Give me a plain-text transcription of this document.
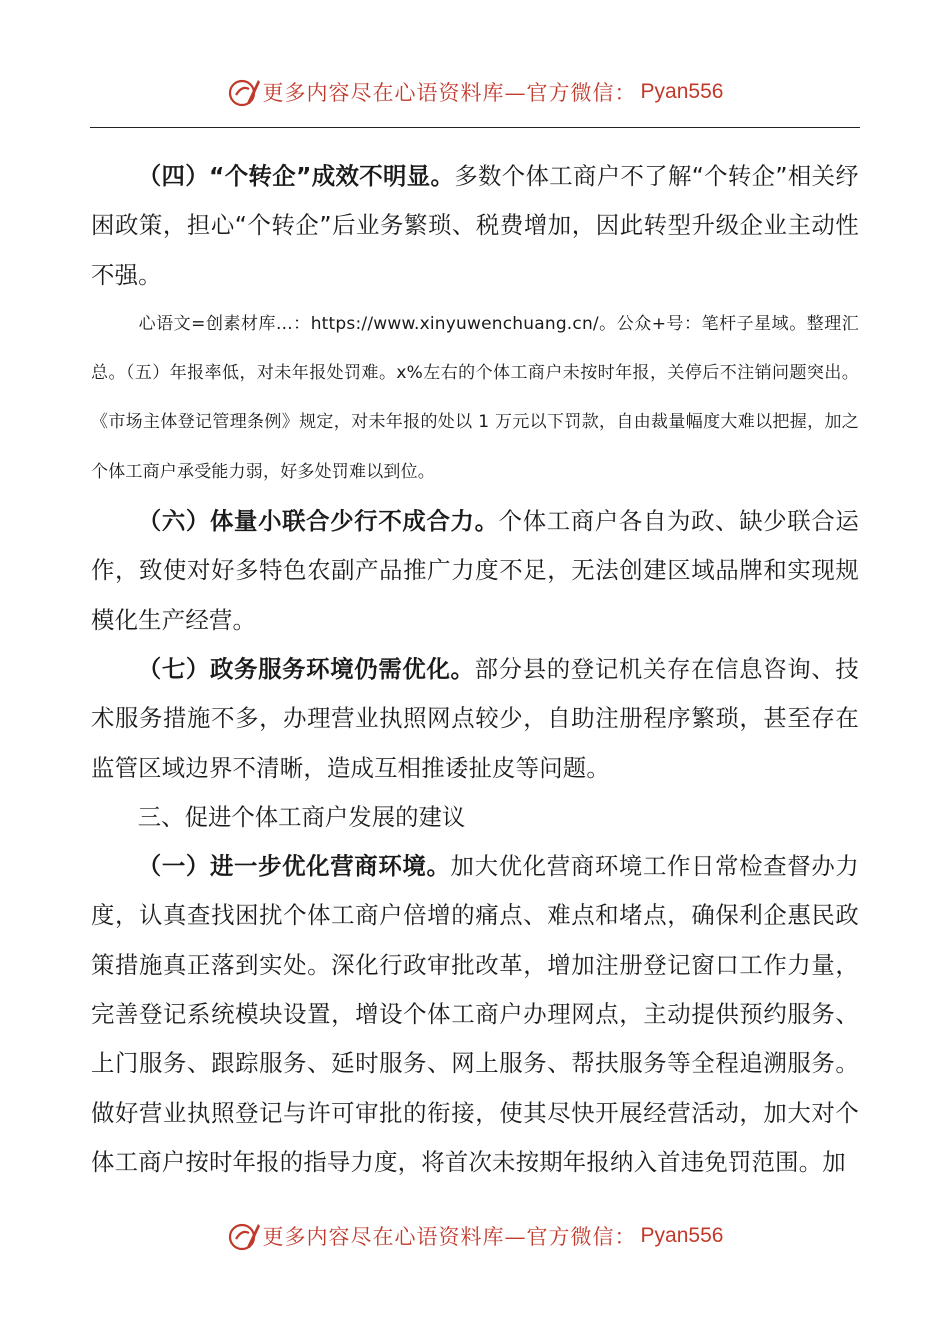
更多内容尽在心语资料库—官方微信： Pyan556

（四）“个转企”成效不明显。多数个体工商户不了解“个转企”相关纾困政策，担心“个转企”后业务繁琐、税费增加，因此转型升级企业主动性不强。

心语文=创素材库...：https://www.xinyuwenchuang.cn/。公众+号：笔杆子星域。整理汇总。（五）年报率低，对未年报处罚难。x%左右的个体工商户未按时年报，关停后不注销问题突出。《市场主体登记管理条例》规定，对未年报的处以 1 万元以下罚款，自由裁量幅度大难以把握，加之个体工商户承受能力弱，好多处罚难以到位。

（六）体量小联合少行不成合力。个体工商户各自为政、缺少联合运作，致使对好多特色农副产品推广力度不足，无法创建区域品牌和实现规模化生产经营。

（七）政务服务环境仍需优化。部分县的登记机关存在信息咨询、技术服务措施不多，办理营业执照网点较少，自助注册程序繁琐，甚至存在监管区域边界不清晰，造成互相推诿扯皮等问题。

三、促进个体工商户发展的建议

（一）进一步优化营商环境。加大优化营商环境工作日常检查督办力度，认真查找困扰个体工商户倍增的痛点、难点和堵点，确保利企惠民政策措施真正落到实处。深化行政审批改革，增加注册登记窗口工作力量，完善登记系统模块设置，增设个体工商户办理网点，主动提供预约服务、上门服务、跟踪服务、延时服务、网上服务、帮扶服务等全程追溯服务。做好营业执照登记与许可审批的衔接，使其尽快开展经营活动，加大对个体工商户按时年报的指导力度，将首次未按期年报纳入首违免罚范围。加

更多内容尽在心语资料库—官方微信： Pyan556
